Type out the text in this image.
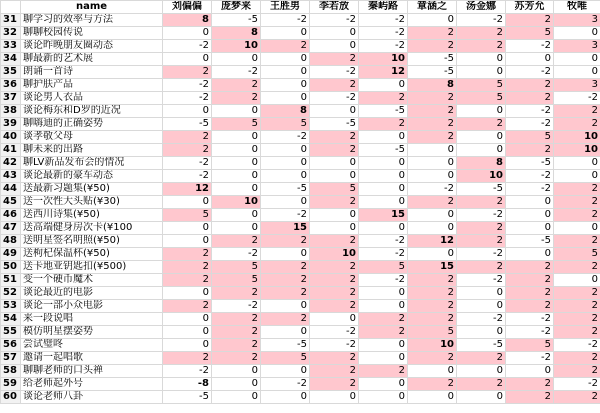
	name	刘偏偏	庞梦来	王胜男	李若放	秦屿路	章涵之	汤金娜	苏芳允	牧唯
31	聊学习的效率与方法	8	-5	-2	-2	-2	0	-2	2	3
32	聊聊校园传说	0	8	0	0	-2	2	2	5	0
33	谈论昨晚朋友圈动态	-2	10	2	0	-2	2	2	-2	3
34	聊最新的艺术展	0	0	0	2	10	-5	0	0	0
35	朗诵一首诗	2	-2	0	-2	12	-5	0	-2	0
36	聊护肤产品	-2	2	0	2	0	8	5	2	3
37	谈论男人衣品	-2	2	0	-2	2	2	5	2	-2
38	谈论梅东和D罗的近况	0	0	8	0	-5	2	0	-2	2
39	聊嗨迪的正确姿势	-5	5	5	-5	2	2	2	-2	2
40	谈孝敬父母	2	0	-2	2	0	2	0	5	10
41	聊未来的出路	2	0	0	2	-5	0	0	2	10
42	聊LV新品发布会的情况	-2	0	0	0	0	0	8	-5	0
43	谈论最新的豪车动态	-2	0	0	0	0	0	10	-2	0
44	送最新习题集(¥50)	12	0	-5	5	0	-2	-5	-2	2
45	送一次性大头贴(¥30)	0	10	0	2	0	2	2	0	2
46	送西川诗集(¥50)	5	0	-2	0	15	0	-2	0	2
47	送高端健身房次卡(¥100	0	0	15	0	0	0	2	0	0
48	送明星签名明照(¥50)	0	2	2	2	-2	12	2	-5	2
49	送枸杞保温杯(¥50)	2	-2	0	10	-2	0	-2	0	5
50	送卡地亚钥匙扣(¥500)	2	5	2	2	5	15	2	2	2
51	变一个硬币魔术	2	5	2	2	-2	2	-2	2	0
52	谈论最近的电影	0	2	2	2	0	2	0	2	2
53	谈论一部小众电影	2	-2	0	2	0	2	0	2	2
54	来一段说唱	0	2	2	0	2	2	-2	-2	2
55	模仿明星摆姿势	0	2	0	-2	2	5	0	-2	2
56	尝试璧咚	0	2	-5	-2	0	10	-5	5	-2
57	邀请一起唱歌	2	2	5	2	0	2	2	-2	2
58	聊聊老师的口头禅	-2	0	0	2	2	0	0	0	2
59	给老师起外号	-8	0	-2	2	0	2	2	2	-2
60	谈论老师八卦	-5	0	0	0	0	0	0	2	2
